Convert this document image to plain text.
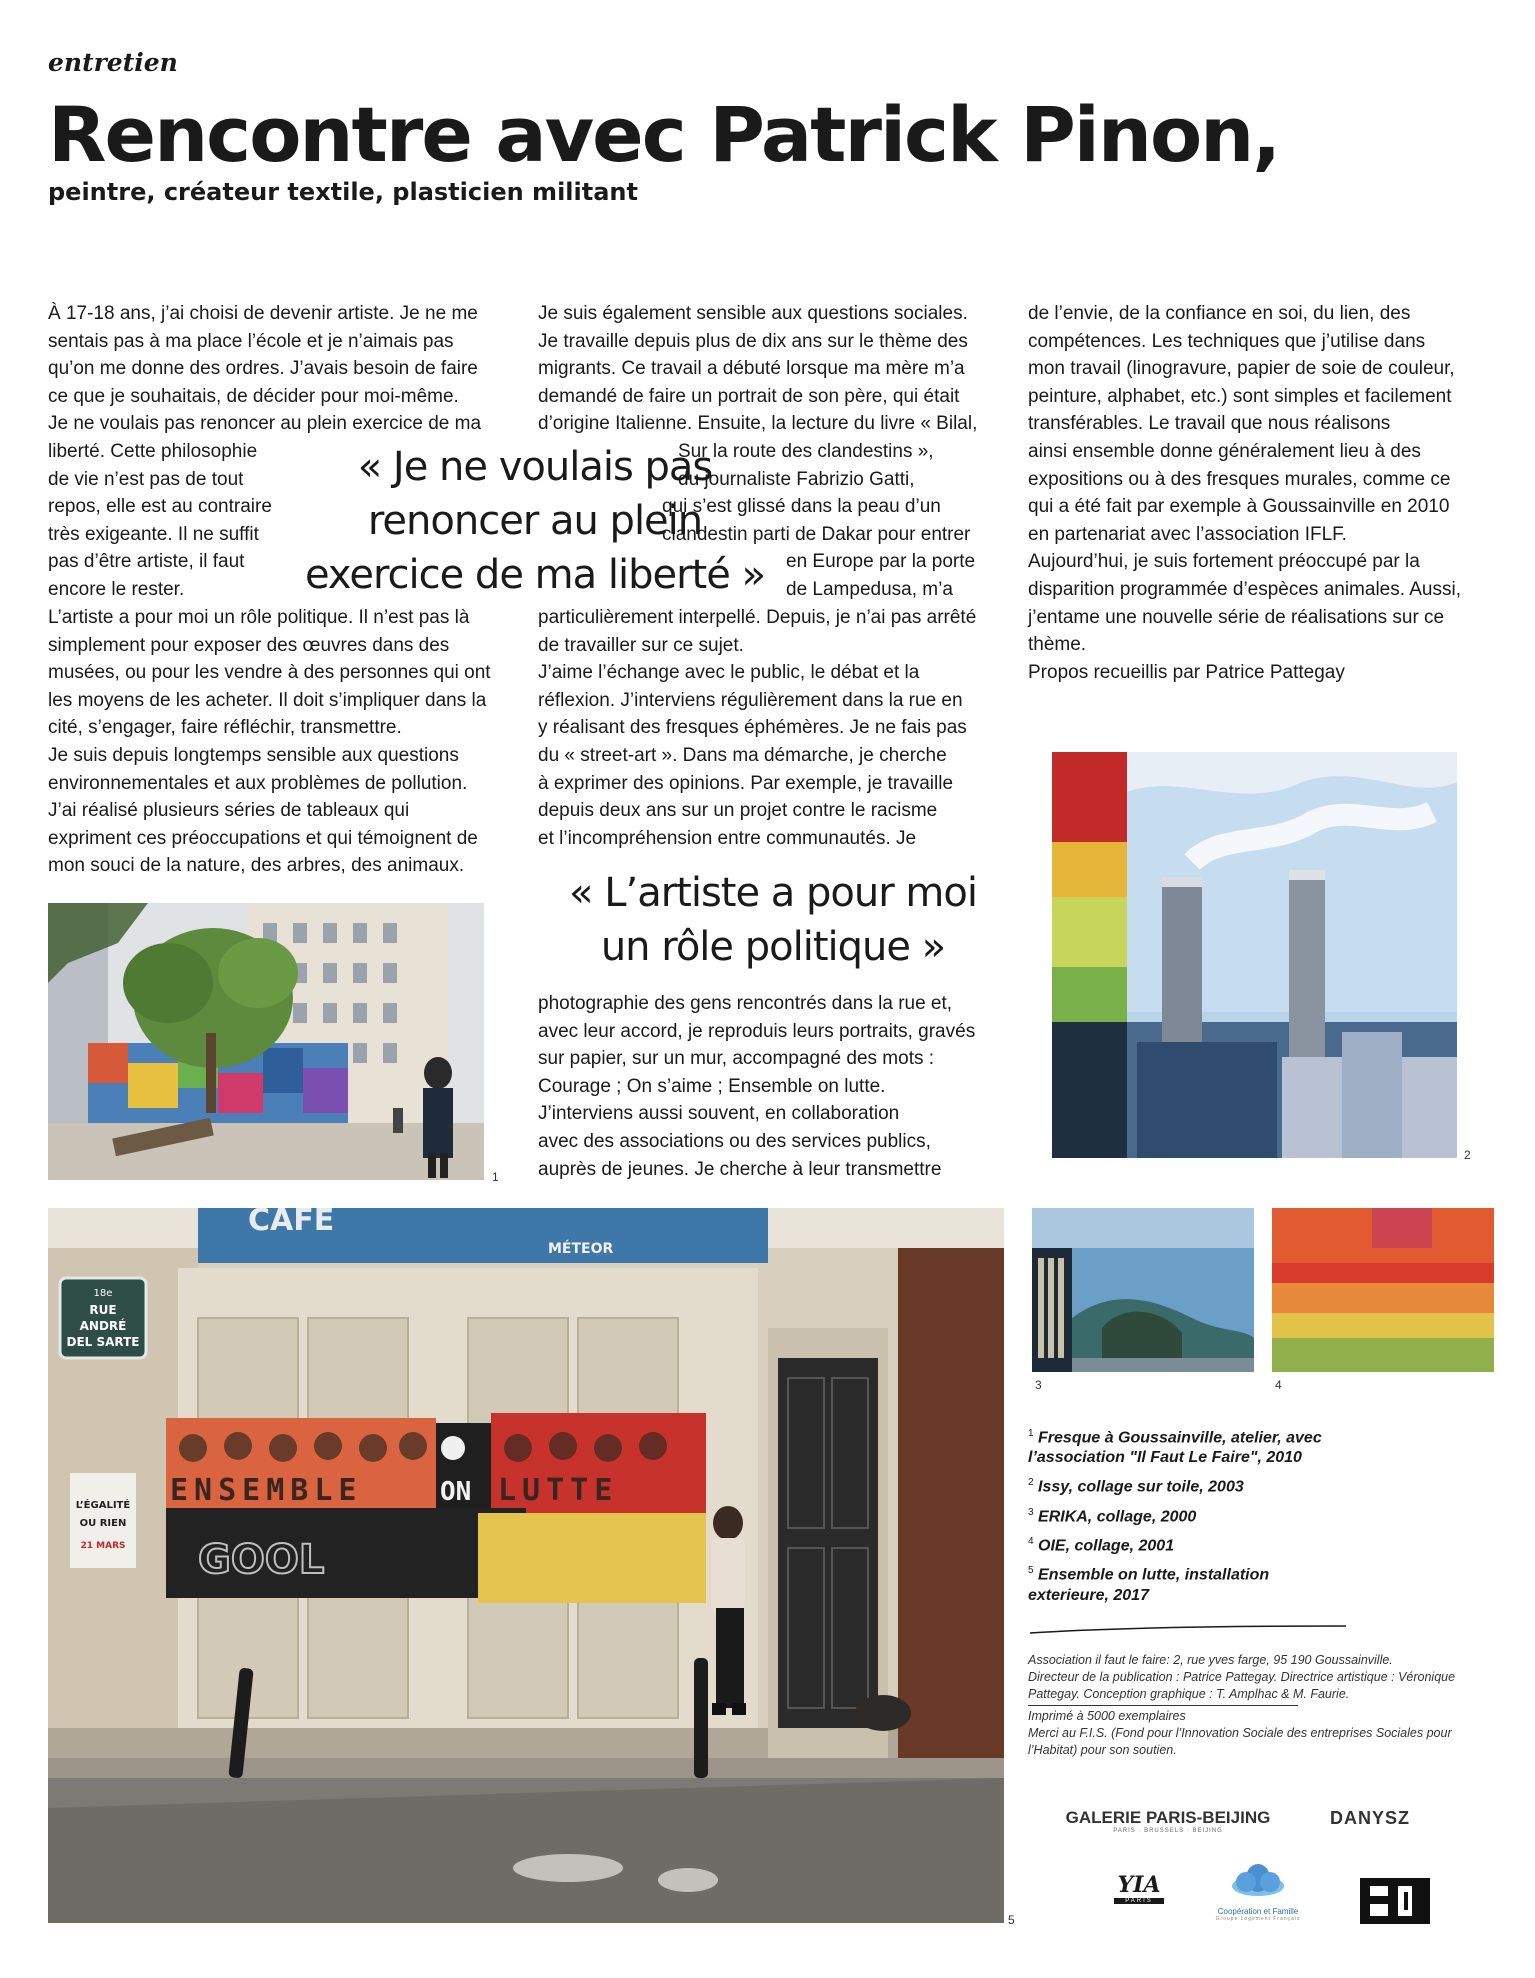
entretien
Rencontre avec Patrick Pinon,
peintre, créateur textile, plasticien militant

À 17-18 ans, j’ai choisi de devenir artiste. Je ne me

sentais pas à ma place l’école et je n’aimais pas

qu’on me donne des ordres. J’avais besoin de faire

ce que je souhaitais, de décider pour moi-même.

Je ne voulais pas renoncer au plein exercice de ma

liberté. Cette philosophie

de vie n’est pas de tout

repos, elle est au contraire

très exigeante. Il ne suffit

pas d’être artiste, il faut

encore le rester.

L’artiste a pour moi un rôle politique. Il n’est pas là

simplement pour exposer des œuvres dans des

musées, ou pour les vendre à des personnes qui ont

les moyens de les acheter. Il doit s’impliquer dans la

cité, s’engager, faire réfléchir, transmettre.

Je suis depuis longtemps sensible aux questions

environnementales et aux problèmes de pollution.

J’ai réalisé plusieurs séries de tableaux qui

expriment ces préoccupations et qui témoignent de

mon souci de la nature, des arbres, des animaux.

« Je ne voulais pas
renoncer au plein
exercice de ma liberté »

Je suis également sensible aux questions sociales.

Je travaille depuis plus de dix ans sur le thème des

migrants. Ce travail a débuté lorsque ma mère m’a

demandé de faire un portrait de son père, qui était

d’origine Italienne. Ensuite, la lecture du livre « Bilal,

Sur la route des clandestins »,

du journaliste Fabrizio Gatti,

qui s’est glissé dans la peau d’un

clandestin parti de Dakar pour entrer

en Europe par la porte

de Lampedusa, m’a

particulièrement interpellé. Depuis, je n’ai pas arrêté

de travailler sur ce sujet.

J’aime l’échange avec le public, le débat et la

réflexion. J’interviens régulièrement dans la rue en

y réalisant des fresques éphémères. Je ne fais pas

du « street-art ». Dans ma démarche, je cherche

à exprimer des opinions. Par exemple, je travaille

depuis deux ans sur un projet contre le racisme

et l’incompréhension entre communautés. Je

« L’artiste a pour moi
un rôle politique »

photographie des gens rencontrés dans la rue et,

avec leur accord, je reproduis leurs portraits, gravés

sur papier, sur un mur, accompagné des mots :

Courage ; On s’aime ; Ensemble on lutte.

J’interviens aussi souvent, en collaboration

avec des associations ou des services publics,

auprès de jeunes. Je cherche à leur transmettre

de l’envie, de la confiance en soi, du lien, des

compétences. Les techniques que j’utilise dans

mon travail (linogravure, papier de soie de couleur,

peinture, alphabet, etc.) sont simples et facilement

transférables. Le travail que nous réalisons

ainsi ensemble donne généralement lieu à des

expositions ou à des fresques murales, comme ce

qui a été fait par exemple à Goussainville en 2010

en partenariat avec l’association IFLF.

Aujourd’hui, je suis fortement préoccupé par la

disparition programmée d’espèces animales. Aussi,

j’entame une nouvelle série de réalisations sur ce

thème.

Propos recueillis par Patrice Pattegay

1
2
3	4
CAFE
MÉTEOR
18e
RUE
ANDRÉ
DEL SARTE
L’ÉGALITÉ
OU RIEN
21 MARS
ENSEMBLE	ON LUTTE
GOOL
5
$^1$ Fresque à Goussainville, atelier, avec l’association "Il Faut Le Faire", 2010
$^2$ Issy, collage sur toile, 2003
$^3$ ERIKA, collage, 2000
$^4$ OIE, collage, 2001
$^5$ Ensemble on lutte, installation exterieure, 2017

Association il faut le faire: 2, rue yves farge, 95 190 Goussainville.

Directeur de la publication : Patrice Pattegay. Directrice artistique : Véronique Pattegay. Conception graphique : T. Amplhac & M. Faurie.

Imprimé à 5000 exemplaires

Merci au F.I.S. (Fond pour l’Innovation Sociale des entreprises Sociales pour l’Habitat) pour son soutien.

GALERIE PARIS-BEIJING
PARIS · BRUSSELS · BEIJING
DANYSZ
YIA
PARIS
Coopération et Famille
Groupe Logement Français
